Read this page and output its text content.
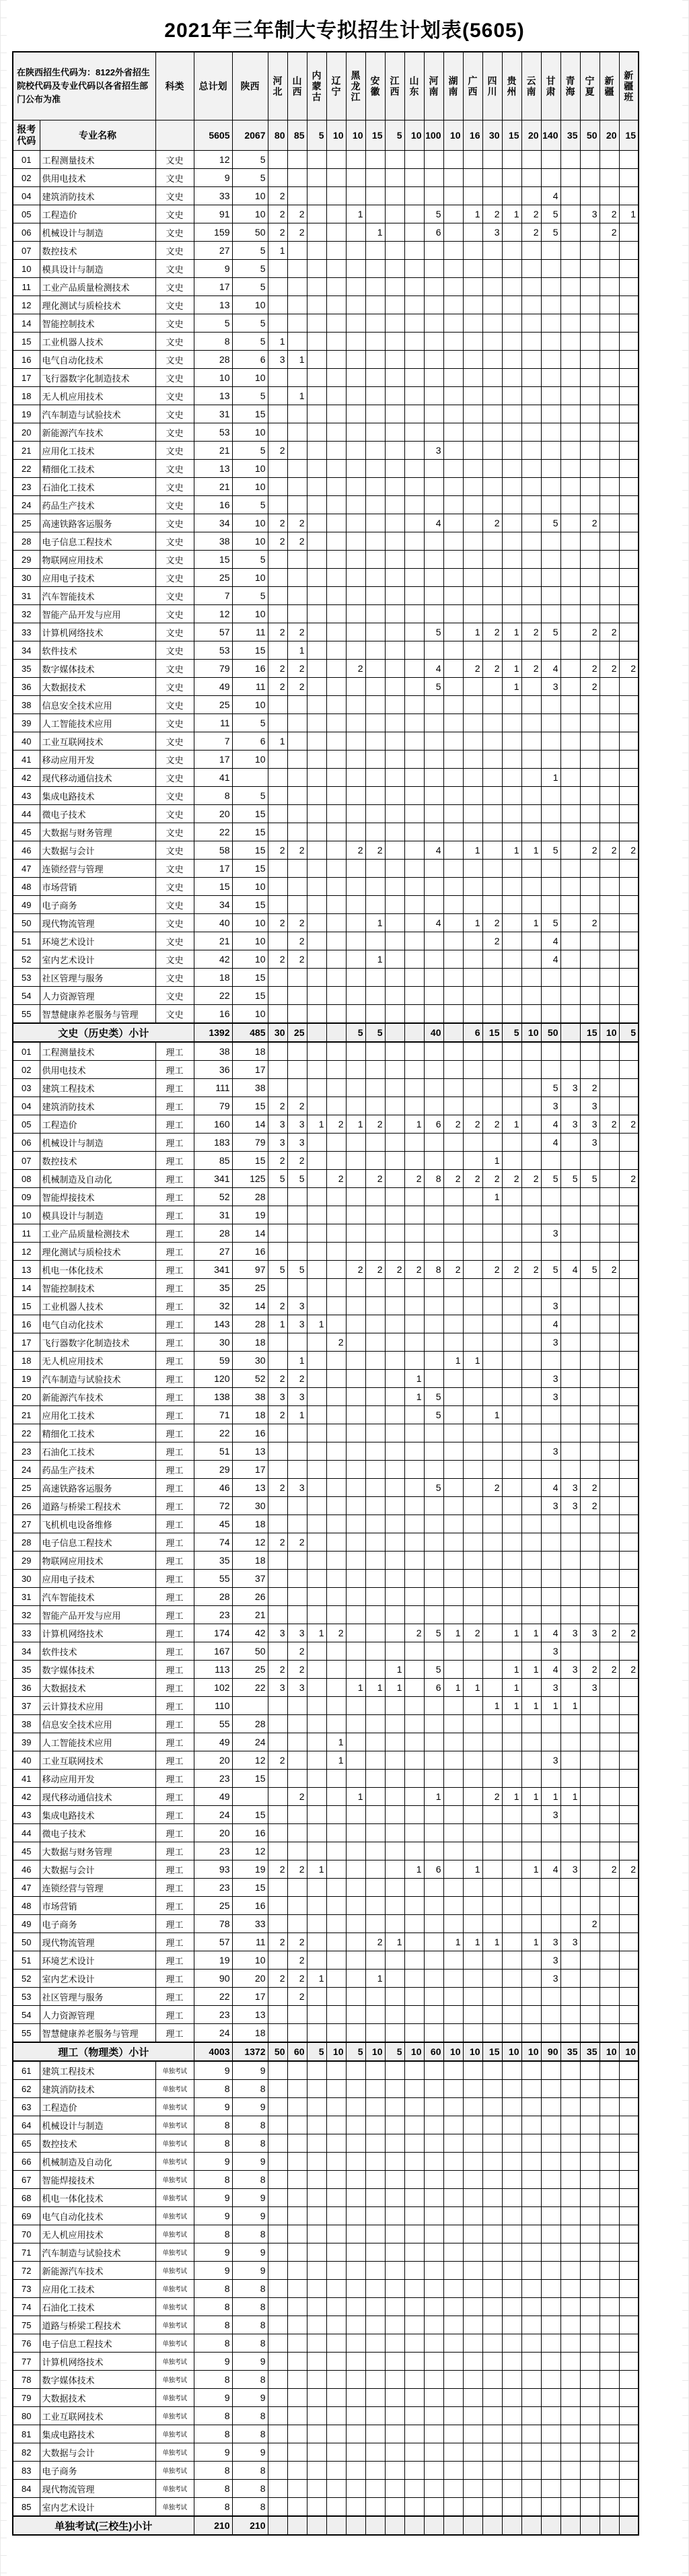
2021年三年制大专拟招生计划表(5605)
在陕西招生代码为：8122外省招生院校代码及专业代码以各省招生部门公布为准		科类	总计划	陕西	河北	山西	内蒙古	辽宁	黑龙江	安徽	江西	山东	河南	湖南	广西	四川	贵州	云南	甘肃	青海	宁夏	新疆	新疆班
报考代码	专业名称		5605	2067	80	85	5	10	10	15	5	10	100	10	16	30	15	20	140	35	50	20	15
01	工程测量技术	文史	12	5																			
02	供用电技术	文史	9	5																			
04	建筑消防技术	文史	33	10	2														4				
05	工程造价	文史	91	10	2	2			1				5		1	2	1	2	5		3	2	1
06	机械设计与制造	文史	159	50	2	2				1			6			3		2	5			2	
07	数控技术	文史	27	5	1																		
10	模具设计与制造	文史	9	5																			
11	工业产品质量检测技术	文史	17	5																			
12	理化测试与质检技术	文史	13	10																			
14	智能控制技术	文史	5	5																			
15	工业机器人技术	文史	8	5	1																		
16	电气自动化技术	文史	28	6	3	1																	
17	飞行器数字化制造技术	文史	10	10																			
18	无人机应用技术	文史	13	5		1																	
19	汽车制造与试验技术	文史	31	15																			
20	新能源汽车技术	文史	53	10																			
21	应用化工技术	文史	21	5	2								3										
22	精细化工技术	文史	13	10																			
23	石油化工技术	文史	21	10																			
24	药品生产技术	文史	16	5																			
25	高速铁路客运服务	文史	34	10	2	2							4			2			5		2		
28	电子信息工程技术	文史	38	10	2	2																	
29	物联网应用技术	文史	15	5																			
30	应用电子技术	文史	25	10																			
31	汽车智能技术	文史	7	5																			
32	智能产品开发与应用	文史	12	10																			
33	计算机网络技术	文史	57	11	2	2							5		1	2	1	2	5		2	2	
34	软件技术	文史	53	15		1																	
35	数字媒体技术	文史	79	16	2	2			2				4		2	2	1	2	4		2	2	2
36	大数据技术	文史	49	11	2	2							5				1		3		2		
38	信息安全技术应用	文史	25	10																			
39	人工智能技术应用	文史	11	5																			
40	工业互联网技术	文史	7	6	1																		
41	移动应用开发	文史	17	10																			
42	现代移动通信技术	文史	41																1				
43	集成电路技术	文史	8	5																			
44	微电子技术	文史	20	15																			
45	大数据与财务管理	文史	22	15																			
46	大数据与会计	文史	58	15	2	2			2	2			4		1		1	1	5		2	2	2
47	连锁经营与管理	文史	17	15																			
48	市场营销	文史	15	10																			
49	电子商务	文史	34	15																			
50	现代物流管理	文史	40	10	2	2				1			4		1	2		1	5		2		
51	环境艺术设计	文史	21	10		2										2			4				
52	室内艺术设计	文史	42	10	2	2				1									4				
53	社区管理与服务	文史	18	15																			
54	人力资源管理	文史	22	15																			
55	智慧健康养老服务与管理	文史	16	10																			
文史（历史类）小计			1392	485	30	25			5	5			40		6	15	5	10	50		15	10	5
01	工程测量技术	理工	38	18																			
02	供用电技术	理工	36	17																			
03	建筑工程技术	理工	111	38															5	3	2		
04	建筑消防技术	理工	79	15	2	2													3		3		
05	工程造价	理工	160	14	3	3	1	2	1	2		1	6	2	2	2	1		4	3	3	2	2
06	机械设计与制造	理工	183	79	3	3													4		3		
07	数控技术	理工	85	15	2	2										1							
08	机械制造及自动化	理工	341	125	5	5		2		2		2	8	2	2	2	2	2	5	5	5		2
09	智能焊接技术	理工	52	28												1							
10	模具设计与制造	理工	31	19																			
11	工业产品质量检测技术	理工	28	14															3				
12	理化测试与质检技术	理工	27	16																			
13	机电一体化技术	理工	341	97	5	5			2	2	2	2	8	2		2	2	2	5	4	5	2	
14	智能控制技术	理工	35	25																			
15	工业机器人技术	理工	32	14	2	3													3				
16	电气自动化技术	理工	143	28	1	3	1												4				
17	飞行器数字化制造技术	理工	30	18				2											3				
18	无人机应用技术	理工	59	30		1								1	1								
19	汽车制造与试验技术	理工	120	52	2	2						1							3				
20	新能源汽车技术	理工	138	38	3	3						1	5						3				
21	应用化工技术	理工	71	18	2	1							5			1							
22	精细化工技术	理工	22	16																			
23	石油化工技术	理工	51	13															3				
24	药品生产技术	理工	29	17																			
25	高速铁路客运服务	理工	46	13	2	3							5			2			4	3	2		
26	道路与桥梁工程技术	理工	72	30															3	3	2		
27	飞机机电设备维修	理工	45	18																			
28	电子信息工程技术	理工	74	12	2	2																	
29	物联网应用技术	理工	35	18																			
30	应用电子技术	理工	55	37																			
31	汽车智能技术	理工	28	26																			
32	智能产品开发与应用	理工	23	21																			
33	计算机网络技术	理工	174	42	3	3	1	2				2	5	1	2		1	1	4	3	3	2	2
34	软件技术	理工	167	50		2													3				
35	数字媒体技术	理工	113	25	2	2					1		5				1	1	4	3	2	2	2
36	大数据技术	理工	102	22	3	3			1	1	1		6	1	1		1		3		3		
37	云计算技术应用	理工	110													1	1	1	1	1			
38	信息安全技术应用	理工	55	28																			
39	人工智能技术应用	理工	49	24				1															
40	工业互联网技术	理工	20	12	2			1											3				
41	移动应用开发	理工	23	15																			
42	现代移动通信技术	理工	49			2			1				1			2	1	1	1	1			
43	集成电路技术	理工	24	15															3				
44	微电子技术	理工	20	16																			
45	大数据与财务管理	理工	23	12																			
46	大数据与会计	理工	93	19	2	2	1					1	6		1			1	4	3		2	2
47	连锁经营与管理	理工	23	15																			
48	市场营销	理工	25	16																			
49	电子商务	理工	78	33																	2		
50	现代物流管理	理工	57	11	2	2				2	1			1	1	1		1	3	3			
51	环境艺术设计	理工	19	10		2													3				
52	室内艺术设计	理工	90	20	2	2	1			1									3				
53	社区管理与服务	理工	22	17		2																	
54	人力资源管理	理工	23	13																			
55	智慧健康养老服务与管理	理工	24	18																			
理工（物理类）小计			4003	1372	50	60	5	10	5	10	5	10	60	10	10	15	10	10	90	35	35	10	10
61	建筑工程技术	单独考试	9	9																			
62	建筑消防技术	单独考试	8	8																			
63	工程造价	单独考试	9	9																			
64	机械设计与制造	单独考试	8	8																			
65	数控技术	单独考试	8	8																			
66	机械制造及自动化	单独考试	9	9																			
67	智能焊接技术	单独考试	8	8																			
68	机电一体化技术	单独考试	9	9																			
69	电气自动化技术	单独考试	9	9																			
70	无人机应用技术	单独考试	8	8																			
71	汽车制造与试验技术	单独考试	9	9																			
72	新能源汽车技术	单独考试	9	9																			
73	应用化工技术	单独考试	8	8																			
74	石油化工技术	单独考试	8	8																			
75	道路与桥梁工程技术	单独考试	8	8																			
76	电子信息工程技术	单独考试	8	8																			
77	计算机网络技术	单独考试	9	9																			
78	数字媒体技术	单独考试	8	8																			
79	大数据技术	单独考试	9	9																			
80	工业互联网技术	单独考试	8	8																			
81	集成电路技术	单独考试	8	8																			
82	大数据与会计	单独考试	9	9																			
83	电子商务	单独考试	8	8																			
84	现代物流管理	单独考试	8	8																			
85	室内艺术设计	单独考试	8	8																			
单独考试(三校生)小计			210	210																			
